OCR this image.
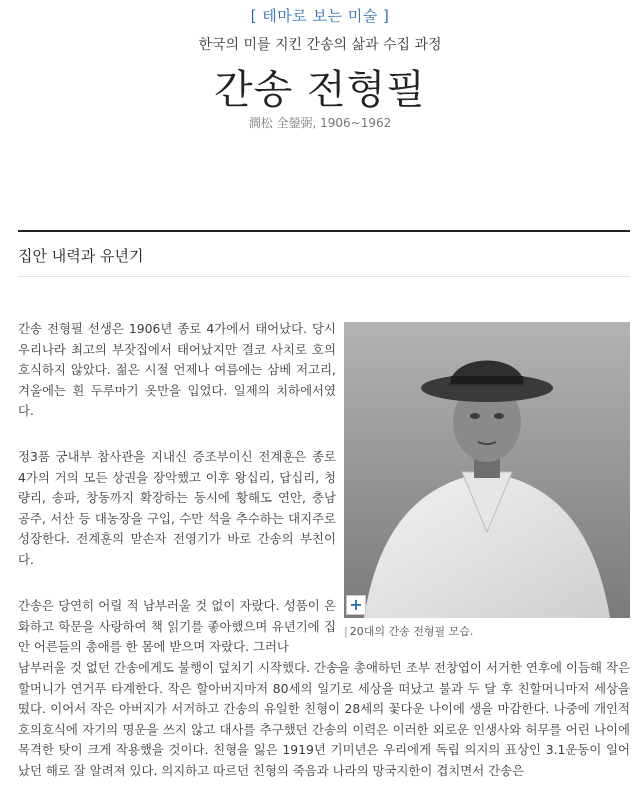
[ 테마로 보는 미술 ]
한국의 미를 지킨 간송의 삶과 수집 과정
간송 전형필
澗松 全鎣弼, 1906~1962
집안 내력과 유년기

간송 전형필 선생은 1906년 종로 4가에서 태어났다. 당시 우리나라 최고의 부잣집에서 태어났지만 결코 사치로 호의호식하지 않았다. 젊은 시절 언제나 여름에는 삼베 저고리, 겨울에는 흰 두루마기 옷만을 입었다. 일제의 치하에서였다.

정3품 궁내부 참사관을 지내신 증조부이신 전계훈은 종로 4가의 거의 모든 상권을 장악했고 이후 왕십리, 답십리, 청량리, 송파, 창동까지 확장하는 동시에 황해도 연안, 충남 공주, 서산 등 대농장을 구입, 수만 석을 추수하는 대지주로 성장한다. 전계훈의 맏손자 전영기가 바로 간송의 부친이다.

간송은 당연히 어릴 적 남부러울 것 없이 자랐다. 성품이 온화하고 학문을 사랑하여 책 읽기를 좋아했으며 유년기에 집안 어른들의 총애를 한 몸에 받으며 자랐다. 그러나

남부러울 것 없던 간송에게도 불행이 덮치기 시작했다. 간송을 총애하던 조부 전창엽이 서거한 연후에 이듬해 작은 할머니가 연거푸 타계한다. 작은 할아버지마저 80세의 일기로 세상을 떠났고 불과 두 달 후 친할머니마저 세상을 떴다. 이어서 작은 아버지가 서거하고 간송의 유일한 친형이 28세의 꽃다운 나이에 생을 마감한다. 나중에 개인적 호의호식에 자기의 명운을 쓰지 않고 대사를 추구했던 간송의 이력은 이러한 외로운 인생사와 허무를 어린 나이에 목격한 탓이 크게 작용했을 것이다. 친형을 잃은 1919년 기미년은 우리에게 독립 의지의 표상인 3.1운동이 일어났던 해로 잘 알려져 있다. 의지하고 따르던 친형의 죽음과 나라의 망국지한이 겹치면서 간송은

+
| 20대의 간송 전형필 모습.
